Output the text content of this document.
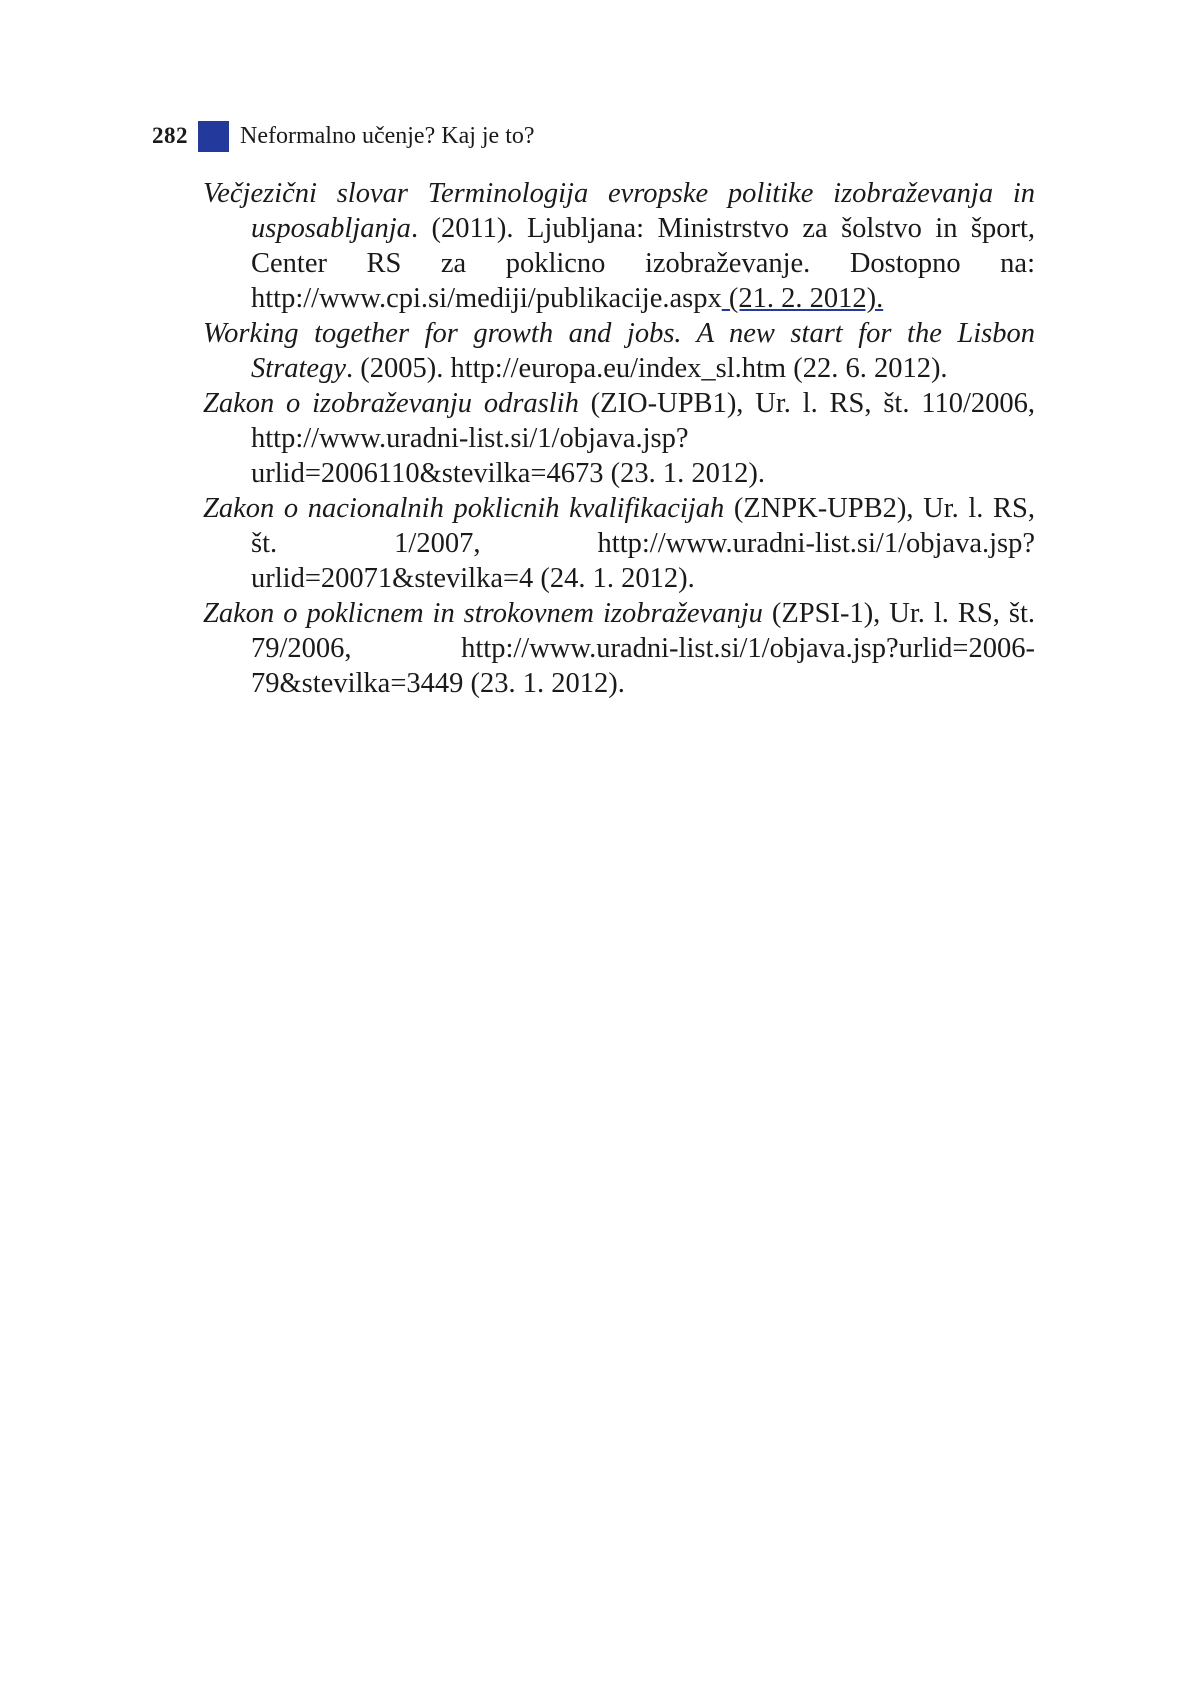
282 Neformalno učenje? Kaj je to?

Večjezični slovar Terminologija evropske politike izobraževanja in usposabljanja. (2011). Ljubljana: Ministrstvo za šolstvo in šport, Center RS za poklicno izobraževanje. Dostopno na: http://www.cpi.si/mediji/publikacije.aspx (21. 2. 2012).

Working together for growth and jobs. A new start for the Lisbon Strategy. (2005). http://europa.eu/index_sl.htm (22. 6. 2012).

Zakon o izobraževanju odraslih (ZIO-UPB1), Ur. l. RS, št. 110/2006, http://www.uradni-list.si/1/objava.jsp?urlid=2006110&stevilka=4673 (23. 1. 2012).

Zakon o nacionalnih poklicnih kvalifikacijah (ZNPK-UPB2), Ur. l. RS, št. 1/2007, http://www.uradni-list.si/1/objava.jsp?urlid=20071&stevilka=4 (24. 1. 2012).

Zakon o poklicnem in strokovnem izobraževanju (ZPSI-1), Ur. l. RS, št. 79/2006, http://www.uradni-list.si/1/objava.jsp?urlid=2006-79&stevilka=3449 (23. 1. 2012).
